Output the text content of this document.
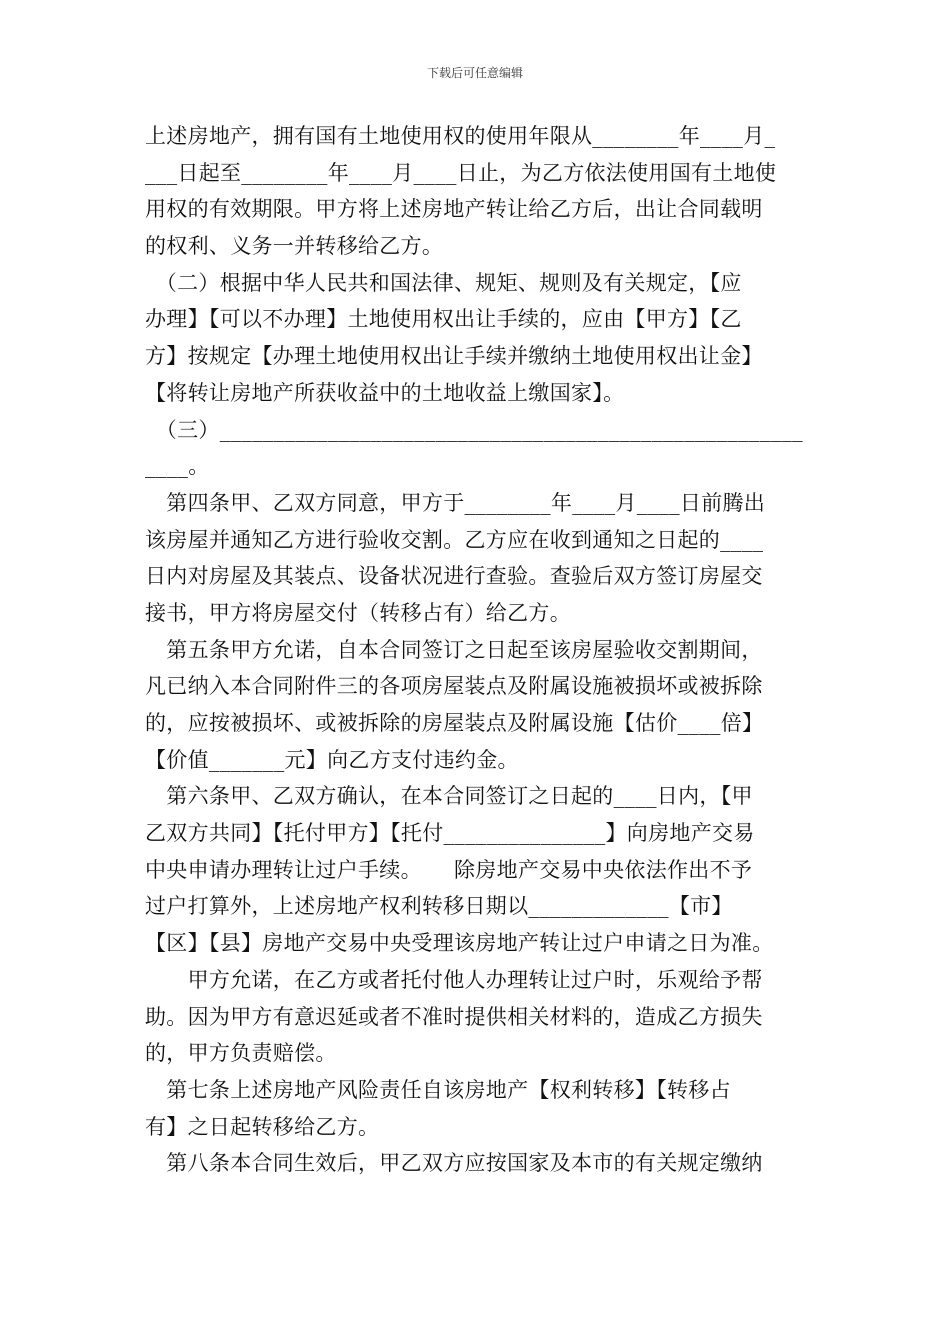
下载后可任意编辑
上述房地产，拥有国有土地使用权的使用年限从________年____月_
___日起至________年____月____日止，为乙方依法使用国有土地使
用权的有效期限。甲方将上述房地产转让给乙方后，出让合同载明
的权利、义务一并转移给乙方。
　（二）根据中华人民共和国法律、规矩、规则及有关规定，【应
办理】【可以不办理】土地使用权出让手续的，应由【甲方】【乙
方】按规定【办理土地使用权出让手续并缴纳土地使用权出让金】
【将转让房地产所获收益中的土地收益上缴国家】。
　（三）______________________________________________________
____。
　第四条甲、乙双方同意，甲方于________年____月____日前腾出
该房屋并通知乙方进行验收交割。乙方应在收到通知之日起的____
日内对房屋及其装点、设备状况进行查验。查验后双方签订房屋交
接书，甲方将房屋交付（转移占有）给乙方。
　第五条甲方允诺，自本合同签订之日起至该房屋验收交割期间，
凡已纳入本合同附件三的各项房屋装点及附属设施被损坏或被拆除
的，应按被损坏、或被拆除的房屋装点及附属设施【估价____倍】
【价值_______元】向乙方支付违约金。
　第六条甲、乙双方确认，在本合同签订之日起的____日内，【甲
乙双方共同】【托付甲方】【托付_______________】向房地产交易
中央申请办理转让过户手续。　　除房地产交易中央依法作出不予
过户打算外，上述房地产权利转移日期以_____________【市】
【区】【县】房地产交易中央受理该房地产转让过户申请之日为准。
　　甲方允诺，在乙方或者托付他人办理转让过户时，乐观给予帮
助。因为甲方有意迟延或者不准时提供相关材料的，造成乙方损失
的，甲方负责赔偿。
　第七条上述房地产风险责任自该房地产【权利转移】【转移占
有】之日起转移给乙方。
　第八条本合同生效后，甲乙双方应按国家及本市的有关规定缴纳
